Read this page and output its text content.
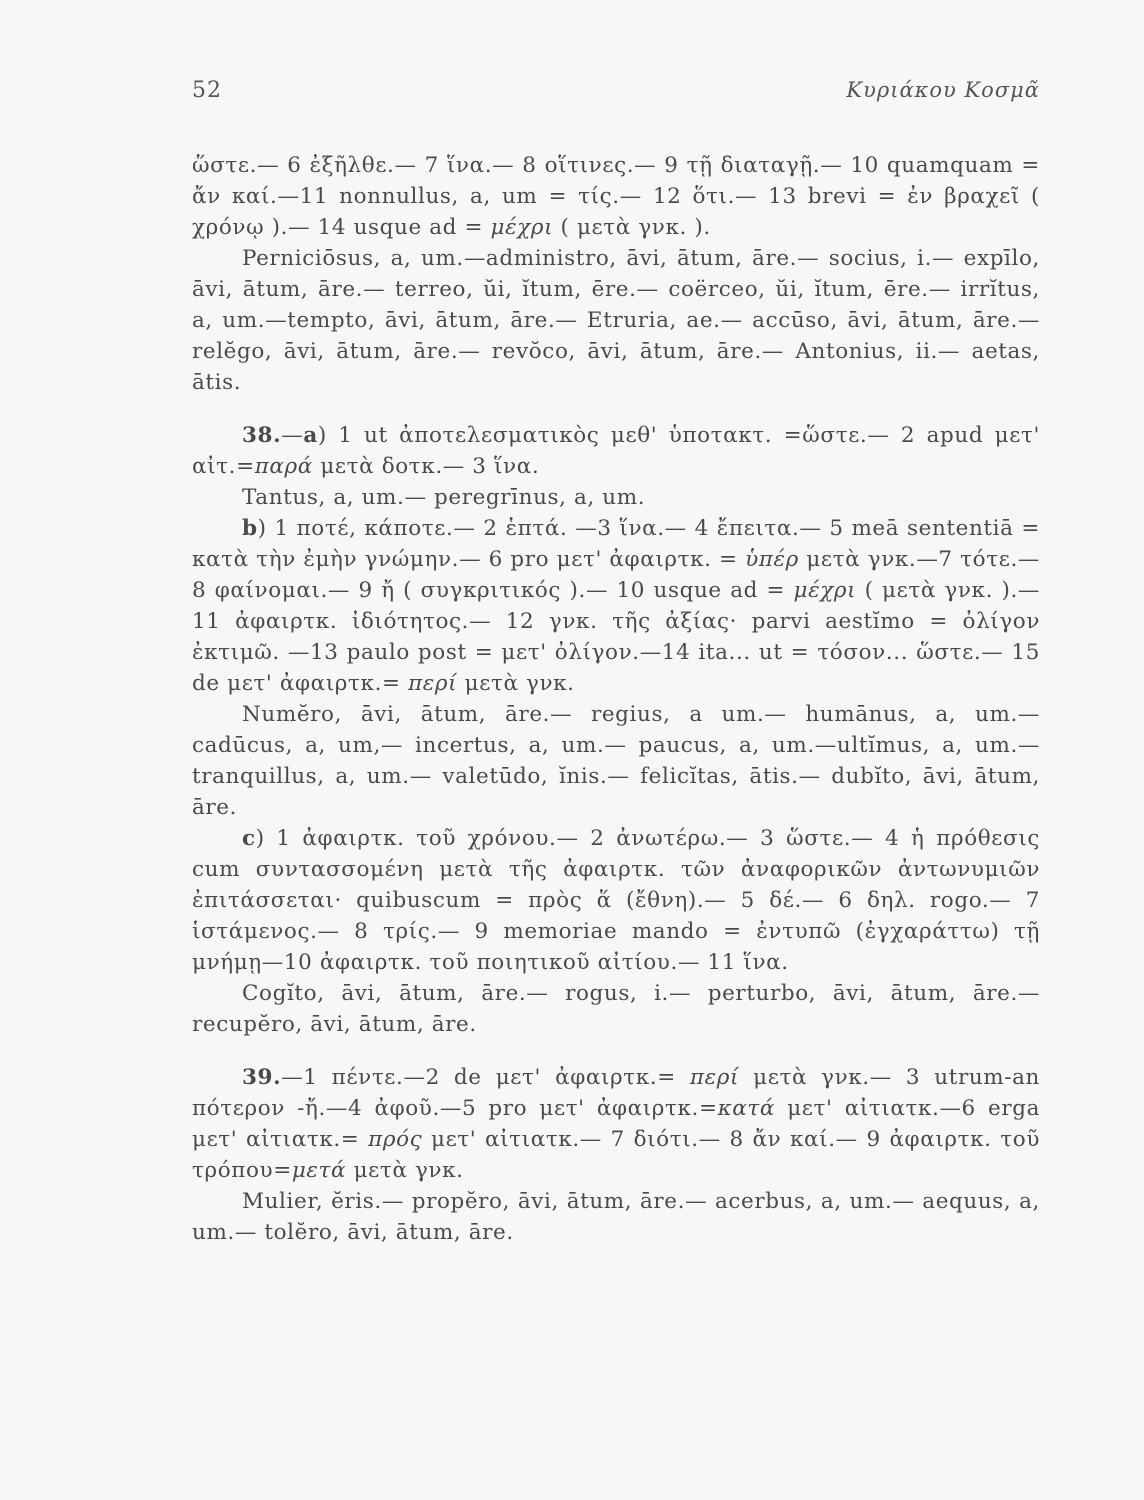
52	Κυριάκου Κοσμᾶ

ὥστε.— 6 ἐξῆλθε.— 7 ἵνα.— 8 οἵτινες.— 9 τῇ διαταγῇ.— 10 quamquam = ἄν καί.—11 nonnullus, a, um = τίς.— 12 ὅτι.— 13 brevi = ἐν βραχεῖ ( χρόνῳ ).— 14 usque ad = μέχρι ( μετὰ γνκ. ).

Perniciōsus, a, um.—administro, āvi, ātum, āre.— socius, i.— expīlo, āvi, ātum, āre.— terreo, ŭi, ĭtum, ēre.— coërceo, ŭi, ĭtum, ēre.— irrĭtus, a, um.—tempto, āvi, ātum, āre.— Etruria, ae.— accūso, āvi, ātum, āre.— relĕgo, āvi, ātum, āre.— revŏco, āvi, ātum, āre.— Antonius, ii.— aetas, ātis.

38.—a) 1 ut ἀποτελεσματικὸς μεθ' ὑποτακτ. =ὥστε.— 2 apud μετ' αἰτ.=παρά μετὰ δοτκ.— 3 ἵνα.

Tantus, a, um.— peregrīnus, a, um.

b) 1 ποτέ, κάποτε.— 2 ἑπτά. —3 ἵνα.— 4 ἔπειτα.— 5 meā sententiā = κατὰ τὴν ἐμὴν γνώμην.— 6 pro μετ' ἀφαιρτκ. = ὑπέρ μετὰ γνκ.—7 τότε.— 8 φαίνομαι.— 9 ἤ ( συγκριτικός ).— 10 usque ad = μέχρι ( μετὰ γνκ. ).—11 ἀφαιρτκ. ἰδιότητος.— 12 γνκ. τῆς ἀξίας· parvi aestĭmo = ὀλίγον ἐκτιμῶ. —13 paulo post = μετ' ὀλίγον.—14 ita... ut = τόσον... ὥστε.— 15 de μετ' ἀφαιρτκ.= περί μετὰ γνκ.

Numĕro, āvi, ātum, āre.— regius, a um.— humānus, a, um.— cadūcus, a, um,— incertus, a, um.— paucus, a, um.—ultĭmus, a, um.— tranquillus, a, um.— valetūdo, ĭnis.— felicĭtas, ātis.— dubĭto, āvi, ātum, āre.

c) 1 ἀφαιρτκ. τοῦ χρόνου.— 2 ἀνωτέρω.— 3 ὥστε.— 4 ἡ πρόθεσις cum συντασσομένη μετὰ τῆς ἀφαιρτκ. τῶν ἀναφορικῶν ἀντωνυμιῶν ἐπιτάσσεται· quibuscum = πρὸς ἅ (ἔθνη).— 5 δέ.— 6 δηλ. rogo.— 7 ἱστάμενος.— 8 τρίς.— 9 memoriae mando = ἐντυπῶ (ἐγχαράττω) τῇ μνήμῃ—10 ἀφαιρτκ. τοῦ ποιητικοῦ αἰτίου.— 11 ἵνα.

Cogĭto, āvi, ātum, āre.— rogus, i.— perturbo, āvi, ātum, āre.— recupĕro, āvi, ātum, āre.

39.—1 πέντε.—2 de μετ' ἀφαιρτκ.= περί μετὰ γνκ.— 3 utrum-an πότερον -ἤ.—4 ἀφοῦ.—5 pro μετ' ἀφαιρτκ.=κατά μετ' αἰτιατκ.—6 erga μετ' αἰτιατκ.= πρός μετ' αἰτιατκ.— 7 διότι.— 8 ἄν καί.— 9 ἀφαιρτκ. τοῦ τρόπου=μετά μετὰ γνκ.

Mulier, ĕris.— propĕro, āvi, ātum, āre.— acerbus, a, um.— aequus, a, um.— tolĕro, āvi, ātum, āre.
